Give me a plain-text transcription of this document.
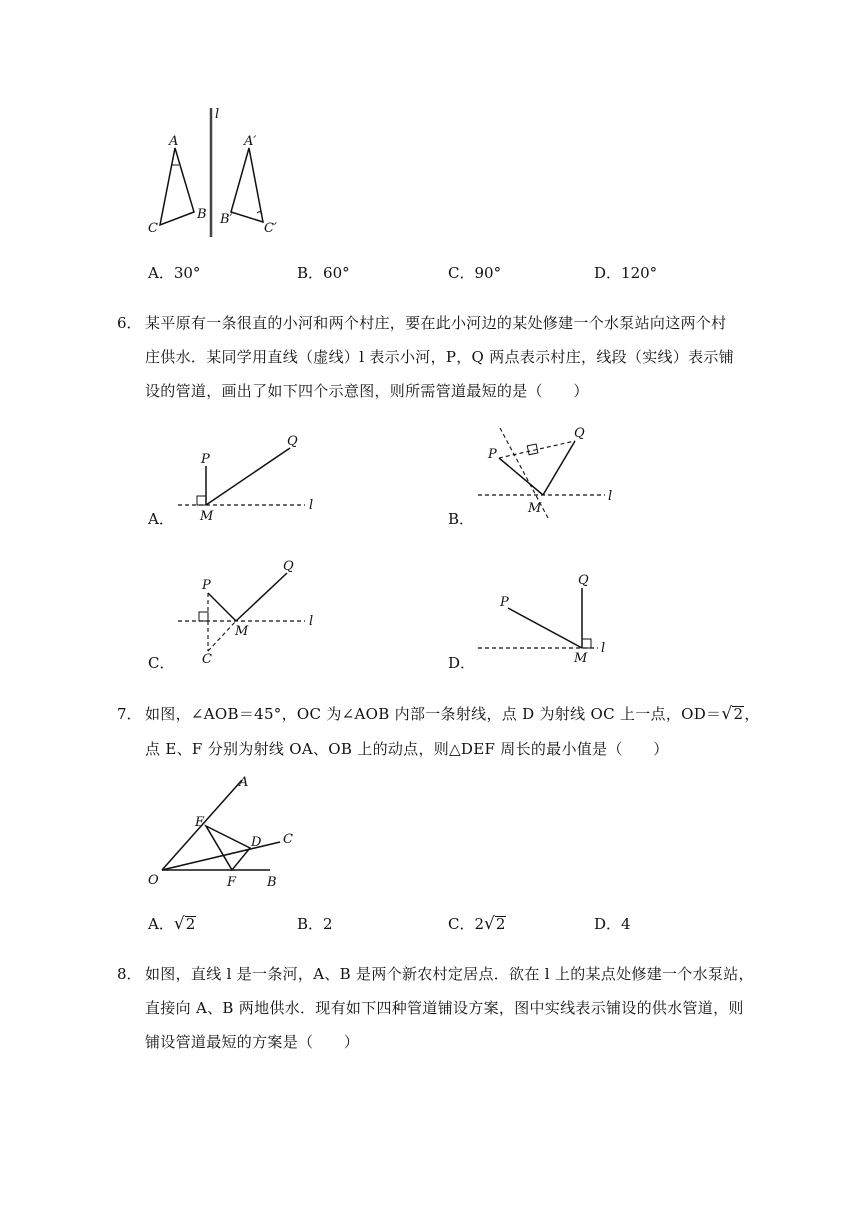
l
A
B
C
A′
B′
C′
A．30°	B．60°	C．90°	D．120°
6． 某平原有一条很直的小河和两个村庄，要在此小河边的某处修建一个水泵站向这两个村
庄供水．某同学用直线（虚线）l 表示小河，P，Q 两点表示村庄，线段（实线）表示铺
设的管道，画出了如下四个示意图，则所需管道最短的是（　　）
A．
P
Q
M
l
B．
P
Q
M
l
C．
P
Q
M
l
C	D．
P
Q
M
l
7． 如图，∠AOB＝45°，OC 为∠AOB 内部一条射线，点 D 为射线 OC 上一点，OD＝√2，
点 E、F 分别为射线 OA、OB 上的动点，则△DEF 周长的最小值是（　　）
A
E
D C
O	F B
A．√2	B．2	C．2√2	D．4
8． 如图，直线 l 是一条河，A、B 是两个新农村定居点．欲在 l 上的某点处修建一个水泵站，
直接向 A、B 两地供水．现有如下四种管道铺设方案，图中实线表示铺设的供水管道，则
铺设管道最短的方案是（　　）
